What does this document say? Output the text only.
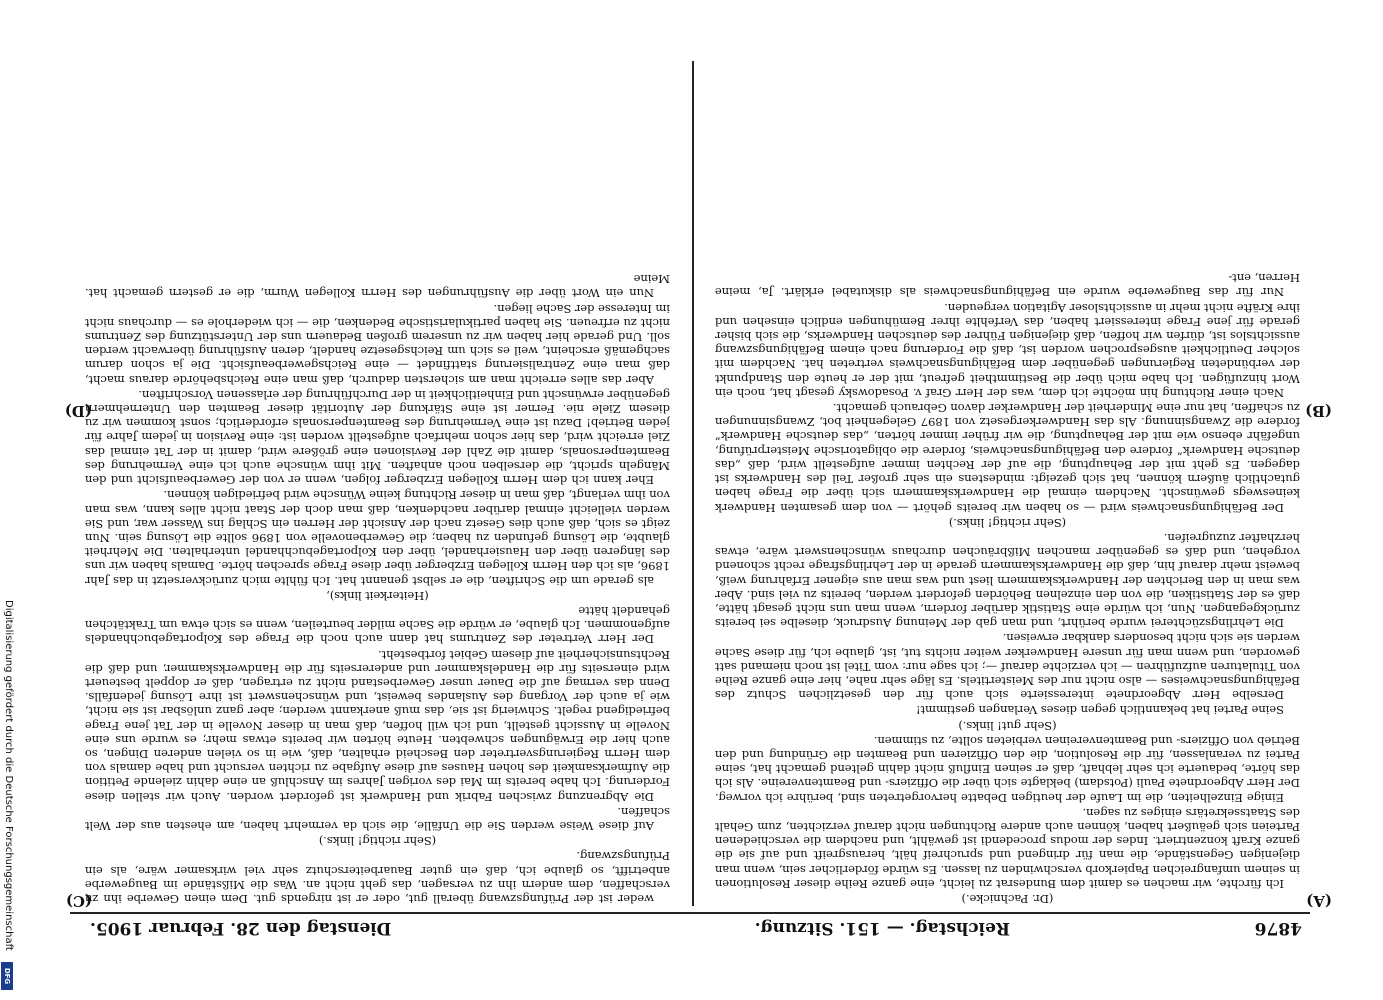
4876
Reichstag. — 151. Sitzung.
Dienstag den 28. Februar 1905.
(A)
(B)
(C)
(D)

(Dr. Pachnicke.)

Ich fürchte, wir machen es damit dem Bundesrat zu leicht, eine ganze Reihe dieser Resolutionen in seinem umfangreichen Papierkorb verschwinden zu lassen. Es würde förderlicher sein, wenn man diejenigen Gegenstände, die man für dringend und spruchreif hält, herausgreift und auf sie die ganze Kraft konzentriert. Indes der modus procedendi ist gewählt, und nachdem die verschiedenen Parteien sich geäußert haben, können auch andere Richtungen nicht darauf verzichten, zum Gehalt des Staatssekretärs einiges zu sagen.

Einige Einzelheiten, die im Laufe der heutigen Debatte hervorgetreten sind, berühre ich vorweg. Der Herr Abgeordnete Pauli (Potsdam) beklagte sich über die Offiziers- und Beamtenvereine. Als ich das hörte, bedauerte ich sehr lebhaft, daß er seinen Einfluß nicht dahin geltend gemacht hat, seine Partei zu veranlassen, für die Resolution, die den Offizieren und Beamten die Gründung und den Betrieb von Offiziers- und Beamtenvereinen verbieten sollte, zu stimmen.

(Sehr gut! links.)

Seine Partei hat bekanntlich gegen dieses Verlangen gestimmt!

Derselbe Herr Abgeordnete interessierte sich auch für den gesetzlichen Schutz des Befähigungsnachweises — also nicht nur des Meistertitels. Es läge sehr nahe, hier eine ganze Reihe von Titulaturen aufzuführen — ich verzichte darauf —; ich sage nur: vom Titel ist noch niemand satt geworden, und wenn man für unsere Handwerker weiter nichts tut, ist, glaube ich, für diese Sache werden sie sich nicht besonders dankbar erweisen.

Die Lehrlingszüchterei wurde berührt, und man gab der Meinung Ausdruck, dieselbe sei bereits zurückgegangen. Nun, ich würde eine Statistik darüber fordern, wenn man uns nicht gesagt hätte, daß es der Statistiken, die von den einzelnen Behörden gefordert werden, bereits zu viel sind. Aber was man in den Berichten der Handwerkskammern liest und was man aus eigener Erfahrung weiß, beweist mehr darauf hin, daß die Handwerkskammern gerade in der Lehrlingsfrage recht schonend vorgehen, und daß es gegenüber manchen Mißbräuchen durchaus wünschenswert wäre, etwas herzhafter zuzugreifen.

(Sehr richtig! links.)

Der Befähigungsnachweis wird — so haben wir bereits gehört — von dem gesamten Handwerk keineswegs gewünscht. Nachdem einmal die Handwerkskammern sich über die Frage haben gutachtlich äußern können, hat sich gezeigt: mindestens ein sehr großer Teil des Handwerks ist dagegen. Es geht mit der Behauptung, die auf der Rechten immer aufgestellt wird, daß „das deutsche Handwerk“ fordere den Befähigungsnachweis, fordere die obligatorische Meisterprüfung, ungefähr ebenso wie mit der Behauptung, die wir früher immer hörten, „das deutsche Handwerk“ fordere die Zwangsinnung. Als das Handwerkergesetz von 1897 Gelegenheit bot, Zwangsinnungen zu schaffen, hat nur eine Minderheit der Handwerker davon Gebrauch gemacht.

Nach einer Richtung hin möchte ich dem, was der Herr Graf v. Posadowsky gesagt hat, noch ein Wort hinzufügen. Ich habe mich über die Bestimmtheit gefreut, mit der er heute den Standpunkt der verbündeten Regierungen gegenüber dem Befähigungsnachweis vertreten hat. Nachdem mit solcher Deutlichkeit ausgesprochen worden ist, daß die Forderung nach einem Befähigungszwang aussichtslos ist, dürfen wir hoffen, daß diejenigen Führer des deutschen Handwerks, die sich bisher gerade für jene Frage interessiert haben, das Verfehlte ihrer Bemühungen endlich einsehen und ihre Kräfte nicht mehr in aussichtsloser Agitation vergeuden.

Nur für das Baugewerbe wurde ein Befähigungsnachweis als diskutabel erklärt. Ja, meine Herren, ent-

weder ist der Prüfungszwang überall gut, oder er ist nirgends gut. Dem einen Gewerbe ihn zu verschaffen, dem andern ihn zu versagen, das geht nicht an. Was die Mißstände im Baugewerbe anbetrifft, so glaube ich, daß ein guter Bauarbeiterschutz sehr viel wirksamer wäre, als ein Prüfungszwang.

(Sehr richtig! links.)

Auf diese Weise werden Sie die Unfälle, die sich da vermehrt haben, am ehesten aus der Welt schaffen.

Die Abgrenzung zwischen Fabrik und Handwerk ist gefordert worden. Auch wir stellen diese Forderung. Ich habe bereits im Mai des vorigen Jahres im Anschluß an eine dahin zielende Petition die Aufmerksamkeit des hohen Hauses auf diese Aufgabe zu richten versucht und habe damals von dem Herrn Regierungsvertreter den Bescheid erhalten, daß, wie in so vielen anderen Dingen, so auch hier die Erwägungen schwebten. Heute hörten wir bereits etwas mehr; es wurde uns eine Novelle in Aussicht gestellt, und ich will hoffen, daß man in dieser Novelle in der Tat jene Frage befriedigend regelt. Schwierig ist sie, das muß anerkannt werden; aber ganz unlösbar ist sie nicht, wie ja auch der Vorgang des Auslandes beweist, und wünschenswert ist ihre Lösung jedenfalls. Denn das vermag auf die Dauer unser Gewerbestand nicht zu ertragen, daß er doppelt besteuert wird einerseits für die Handelskammer und andererseits für die Handwerkskammer, und daß die Rechtsunsicherheit auf diesem Gebiet fortbesteht.

Der Herr Vertreter des Zentrums hat dann auch noch die Frage des Kolportagebuchhandels aufgenommen. Ich glaube, er würde die Sache milder beurteilen, wenn es sich etwa um Traktätchen gehandelt hätte

(Heiterkeit links),

als gerade um die Schriften, die er selbst genannt hat. Ich fühlte mich zurückversetzt in das Jahr 1896, als ich den Herrn Kollegen Erzberger über diese Frage sprechen hörte. Damals haben wir uns des längeren über den Hausierhandel, über den Kolportagebuchhandel unterhalten. Die Mehrheit glaubte, die Lösung gefunden zu haben; die Gewerbenovelle von 1896 sollte die Lösung sein. Nun zeigt es sich, daß auch dies Gesetz nach der Ansicht der Herren ein Schlag ins Wasser war, und Sie werden vielleicht einmal darüber nachdenken, daß man doch der Staat nicht alles kann, was man von ihm verlangt, daß man in dieser Richtung keine Wünsche wird befriedigen können.

Eher kann ich dem Herrn Kollegen Erzberger folgen, wenn er von der Gewerbeaufsicht und den Mängeln spricht, die derselben noch anhaften. Mit ihm wünsche auch ich eine Vermehrung des Beamtenpersonals, damit die Zahl der Revisionen eine größere wird, damit in der Tat einmal das Ziel erreicht wird, das hier schon mehrfach aufgestellt worden ist: eine Revision in jedem Jahre für jeden Betrieb! Dazu ist eine Vermehrung des Beamtenpersonals erforderlich; sonst kommen wir zu diesem Ziele nie. Ferner ist eine Stärkung der Autorität dieser Beamten den Unternehmern gegenüber erwünscht und Einheitlichkeit in der Durchführung der erlassenen Vorschriften.

Aber das alles erreicht man am sichersten dadurch, daß man eine Reichsbehörde daraus macht, daß man eine Zentralisierung stattfindet — eine Reichsgewerbeaufsicht. Die ja schon darum sachgemäß erscheint, weil es sich um Reichsgesetze handelt, deren Ausführung überwacht werden soll. Und gerade hier haben wir zu unserem großen Bedauern uns der Unterstützung des Zentrums nicht zu erfreuen. Sie haben partikularistische Bedenken, die — ich wiederhole es — durchaus nicht im Interesse der Sache liegen.

Nun ein Wort über die Ausführungen des Herrn Kollegen Wurm, die er gestern gemacht hat. Meine

Digitalisierung gefördert durch die Deutsche Forschungsgemeinschaft
DFG
